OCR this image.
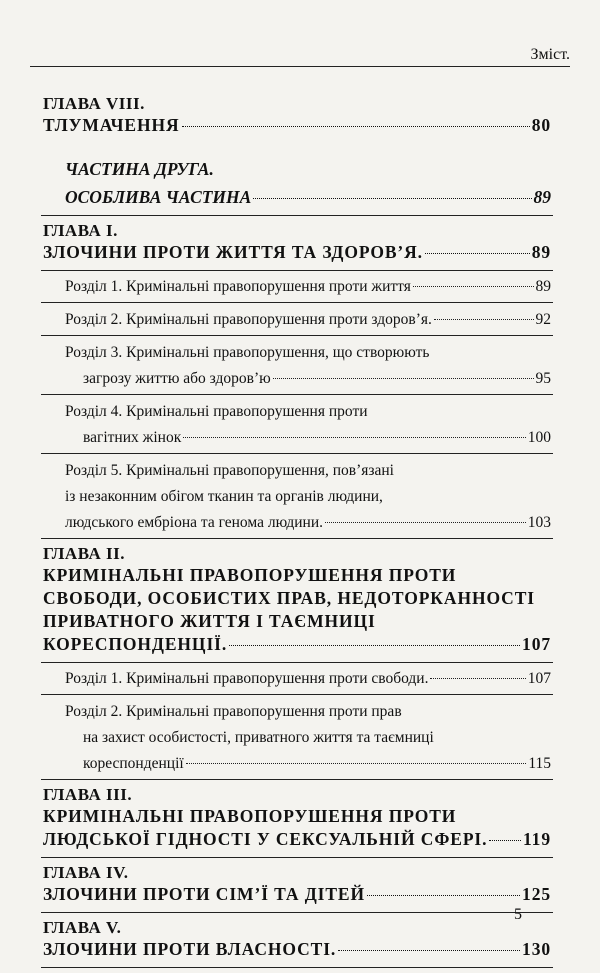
Зміст.
ГЛАВА VIII.
ТЛУМАЧЕННЯ	80
ЧАСТИНА ДРУГА.
ОСОБЛИВА ЧАСТИНА	89
ГЛАВА І.
ЗЛОЧИНИ ПРОТИ ЖИТТЯ ТА ЗДОРОВ’Я.	89
Розділ 1. Кримінальні правопорушення проти життя	89
Розділ 2. Кримінальні правопорушення проти здоров’я.	92
Розділ 3. Кримінальні правопорушення, що створюють
загрозу життю або здоров’ю	95
Розділ 4. Кримінальні правопорушення проти
вагітних жінок	100
Розділ 5. Кримінальні правопорушення, пов’язані
із незаконним обігом тканин та органів людини,
людського ембріона та генома людини.	103
ГЛАВА ІІ.
КРИМІНАЛЬНІ ПРАВОПОРУШЕННЯ ПРОТИ
СВОБОДИ, ОСОБИСТИХ ПРАВ, НЕДОТОРКАННОСТІ
ПРИВАТНОГО ЖИТТЯ І ТАЄМНИЦІ
КОРЕСПОНДЕНЦІЇ.	107
Розділ 1. Кримінальні правопорушення проти свободи.	107
Розділ 2. Кримінальні правопорушення проти прав
на захист особистості, приватного життя та таємниці
кореспонденції	115
ГЛАВА ІІІ.
КРИМІНАЛЬНІ ПРАВОПОРУШЕННЯ ПРОТИ
ЛЮДСЬКОЇ ГІДНОСТІ У СЕКСУАЛЬНІЙ СФЕРІ. 119
ГЛАВА IV.
ЗЛОЧИНИ ПРОТИ СІМ’Ї ТА ДІТЕЙ	125
ГЛАВА V.
ЗЛОЧИНИ ПРОТИ ВЛАСНОСТІ.	130
5
